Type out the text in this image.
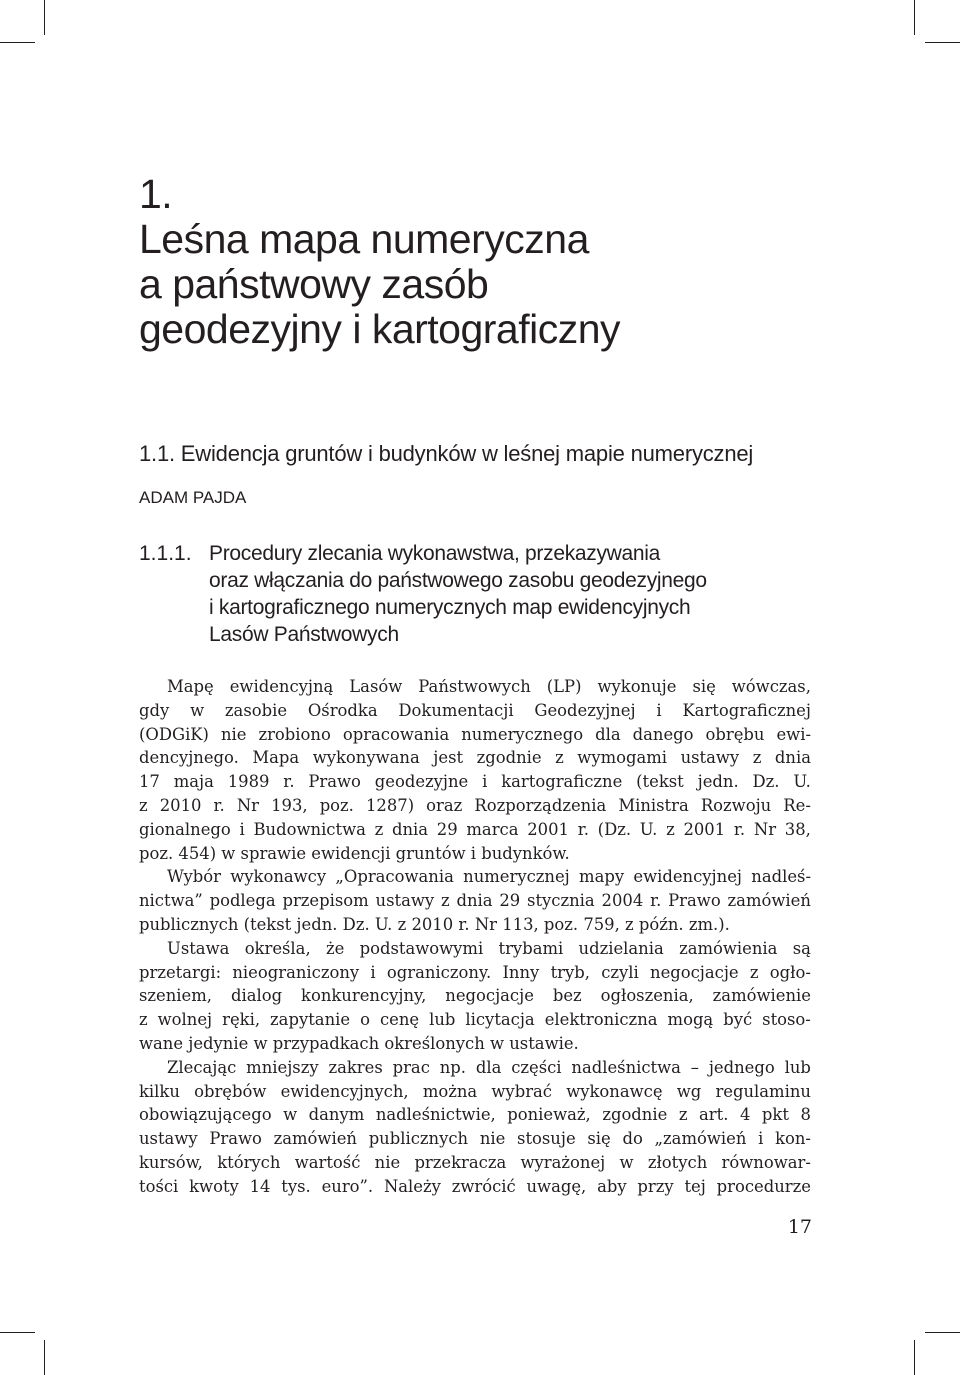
1.
Leśna mapa numeryczna
a państwowy zasób
geodezyjny i kartograficzny
1.1. Ewidencja gruntów i budynków w leśnej mapie numerycznej
ADAM PAJDA
1.1.1. Procedury zlecania wykonawstwa, przekazywania
oraz włączania do państwowego zasobu geodezyjnego
i kartograficznego numerycznych map ewidencyjnych
Lasów Państwowych
Mapę ewidencyjną Lasów Państwowych (LP) wykonuje się wówczas,
gdy w zasobie Ośrodka Dokumentacji Geodezyjnej i Kartograficznej
(ODGiK) nie zrobiono opracowania numerycznego dla danego obrębu ewi-
dencyjnego. Mapa wykonywana jest zgodnie z wymogami ustawy z dnia
17 maja 1989 r. Prawo geodezyjne i kartograficzne (tekst jedn. Dz. U.
z 2010 r. Nr 193, poz. 1287) oraz Rozporządzenia Ministra Rozwoju Re-
gionalnego i Budownictwa z dnia 29 marca 2001 r. (Dz. U. z 2001 r. Nr 38,
poz. 454) w sprawie ewidencji gruntów i budynków.
Wybór wykonawcy „Opracowania numerycznej mapy ewidencyjnej nadleś-
nictwa” podlega przepisom ustawy z dnia 29 stycznia 2004 r. Prawo zamówień
publicznych (tekst jedn. Dz. U. z 2010 r. Nr 113, poz. 759, z późn. zm.).
Ustawa określa, że podstawowymi trybami udzielania zamówienia są
przetargi: nieograniczony i ograniczony. Inny tryb, czyli negocjacje z ogło-
szeniem, dialog konkurencyjny, negocjacje bez ogłoszenia, zamówienie
z wolnej ręki, zapytanie o cenę lub licytacja elektroniczna mogą być stoso-
wane jedynie w przypadkach określonych w ustawie.
Zlecając mniejszy zakres prac np. dla części nadleśnictwa – jednego lub
kilku obrębów ewidencyjnych, można wybrać wykonawcę wg regulaminu
obowiązującego w danym nadleśnictwie, ponieważ, zgodnie z art. 4 pkt 8
ustawy Prawo zamówień publicznych nie stosuje się do „zamówień i kon-
kursów, których wartość nie przekracza wyrażonej w złotych równowar-
tości kwoty 14 tys. euro”. Należy zwrócić uwagę, aby przy tej procedurze
17
